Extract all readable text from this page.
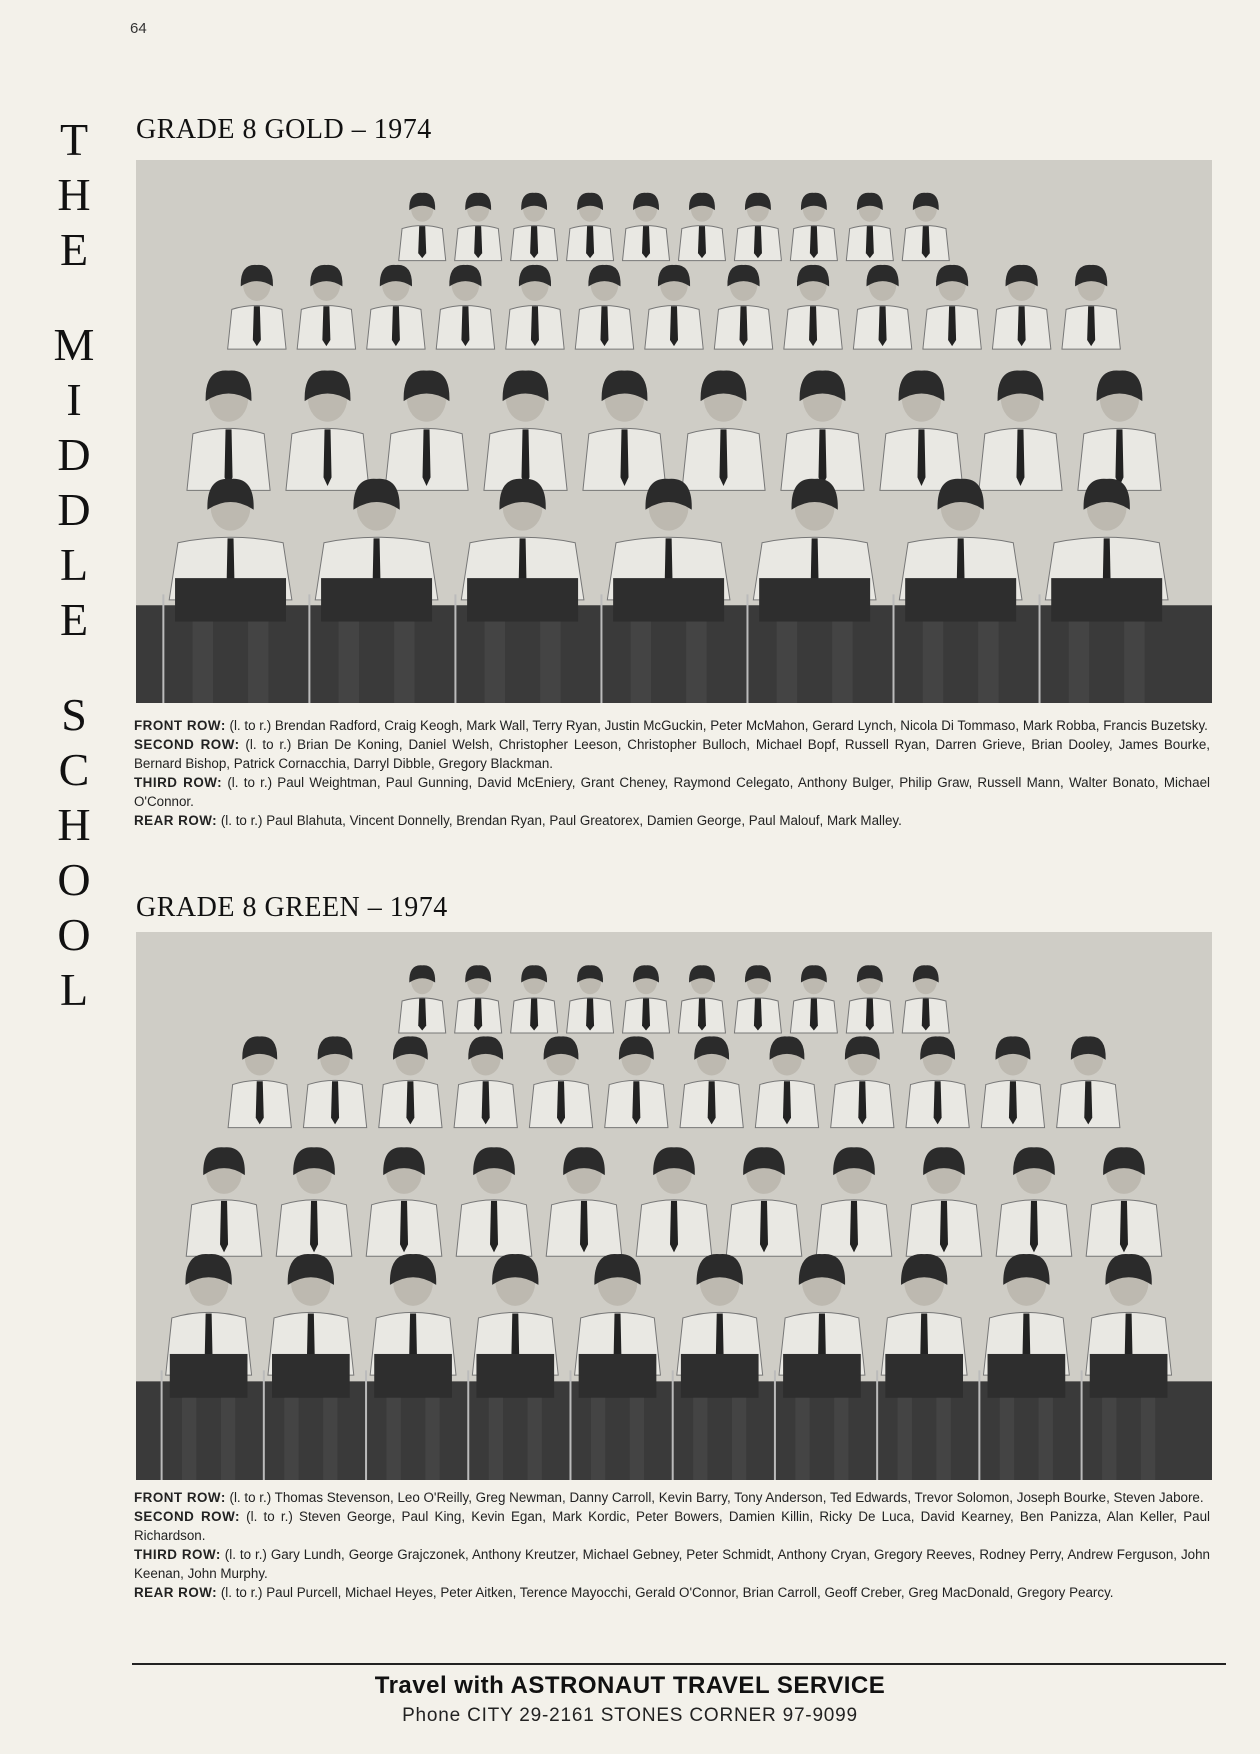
64
T
H
E
M
I
D
D
L
E
S
C
H
O
O
L
GRADE 8 GOLD – 1974
FRONT ROW: (l. to r.) Brendan Radford, Craig Keogh, Mark Wall, Terry Ryan, Justin McGuckin, Peter McMahon, Gerard Lynch, Nicola Di Tommaso, Mark Robba, Francis Buzetsky.
SECOND ROW: (l. to r.) Brian De Koning, Daniel Welsh, Christopher Leeson, Christopher Bulloch, Michael Bopf, Russell Ryan, Darren Grieve, Brian Dooley, James Bourke, Bernard Bishop, Patrick Cornacchia, Darryl Dibble, Gregory Blackman.
THIRD ROW: (l. to r.) Paul Weightman, Paul Gunning, David McEniery, Grant Cheney, Raymond Celegato, Anthony Bulger, Philip Graw, Russell Mann, Walter Bonato, Michael O'Connor.
REAR ROW: (l. to r.) Paul Blahuta, Vincent Donnelly, Brendan Ryan, Paul Greatorex, Damien George, Paul Malouf, Mark Malley.
GRADE 8 GREEN – 1974
FRONT ROW: (l. to r.) Thomas Stevenson, Leo O'Reilly, Greg Newman, Danny Carroll, Kevin Barry, Tony Anderson, Ted Edwards, Trevor Solomon, Joseph Bourke, Steven Jabore.
SECOND ROW: (l. to r.) Steven George, Paul King, Kevin Egan, Mark Kordic, Peter Bowers, Damien Killin, Ricky De Luca, David Kearney, Ben Panizza, Alan Keller, Paul Richardson.
THIRD ROW: (l. to r.) Gary Lundh, George Grajczonek, Anthony Kreutzer, Michael Gebney, Peter Schmidt, Anthony Cryan, Gregory Reeves, Rodney Perry, Andrew Ferguson, John Keenan, John Murphy.
REAR ROW: (l. to r.) Paul Purcell, Michael Heyes, Peter Aitken, Terence Mayocchi, Gerald O'Connor, Brian Carroll, Geoff Creber, Greg MacDonald, Gregory Pearcy.
Travel with ASTRONAUT TRAVEL SERVICE
Phone CITY 29-2161 STONES CORNER 97-9099
